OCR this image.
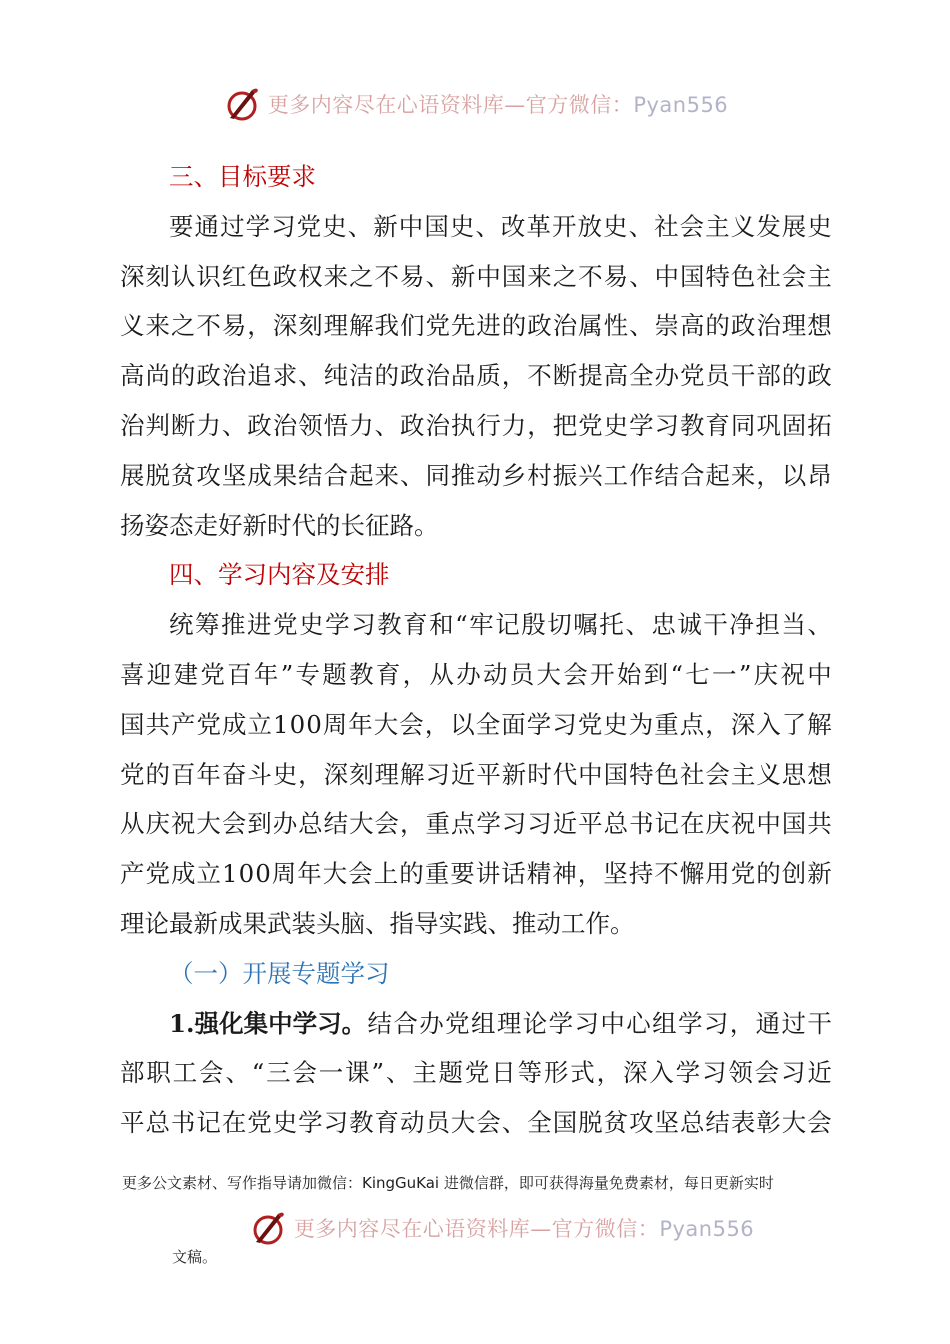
更多内容尽在心语资料库—官方微信：Pyan556
三、目标要求
要 通 过 学 习 党 史 、 新 中 国 史 、 改 革 开 放 史 、 社 会 主 义 发 展 史
深 刻 认 识 红 色 政 权 来 之 不 易 、 新 中 国 来 之 不 易 、 中 国 特 色 社 会 主
义 来 之 不 易 ， 深 刻 理 解 我 们 党 先 进 的 政 治 属 性 、 崇 高 的 政 治 理 想
高 尚 的 政 治 追 求 、 纯 洁 的 政 治 品 质 ， 不 断 提 高 全 办 党 员 干 部 的 政
治 判 断 力 、 政 治 领 悟 力 、 政 治 执 行 力 ， 把 党 史 学 习 教 育 同 巩 固 拓
展 脱 贫 攻 坚 成 果 结 合 起 来 、 同 推 动 乡 村 振 兴 工 作 结 合 起 来 ， 以 昂
扬姿态走好新时代的长征路。
四、学习内容及安排
统 筹 推 进 党 史 学 习 教 育 和 “ 牢 记 殷 切 嘱 托 、 忠 诚 干 净 担 当 、
喜 迎 建 党 百 年 ” 专 题 教 育 ， 从 办 动 员 大 会 开 始 到 “ 七 一 ” 庆 祝 中
国 共 产 党 成 立 1 0 0 周 年 大 会 ， 以 全 面 学 习 党 史 为 重 点 ， 深 入 了 解
党 的 百 年 奋 斗 史 ， 深 刻 理 解 习 近 平 新 时 代 中 国 特 色 社 会 主 义 思 想
从 庆 祝 大 会 到 办 总 结 大 会 ， 重 点 学 习 习 近 平 总 书 记 在 庆 祝 中 国 共
产 党 成 立 1 0 0 周 年 大 会 上 的 重 要 讲 话 精 神 ， 坚 持 不 懈 用 党 的 创 新
理论最新成果武装头脑、指导实践、推动工作。
（一）开展专题学习
1.强化集中学习。 结 合 办 党 组 理 论 学 习 中 心 组 学 习 ， 通 过 干
部 职 工 会 、 “ 三 会 一 课 ” 、 主 题 党 日 等 形 式 ， 深 入 学 习 领 会 习 近
平 总 书 记 在 党 史 学 习 教 育 动 员 大 会 、 全 国 脱 贫 攻 坚 总 结 表 彰 大 会
更多公文素材、写作指导请加微信：KingGuKai 进微信群，即可获得海量免费素材，每日更新实时
更多内容尽在心语资料库—官方微信：Pyan556
文稿。
